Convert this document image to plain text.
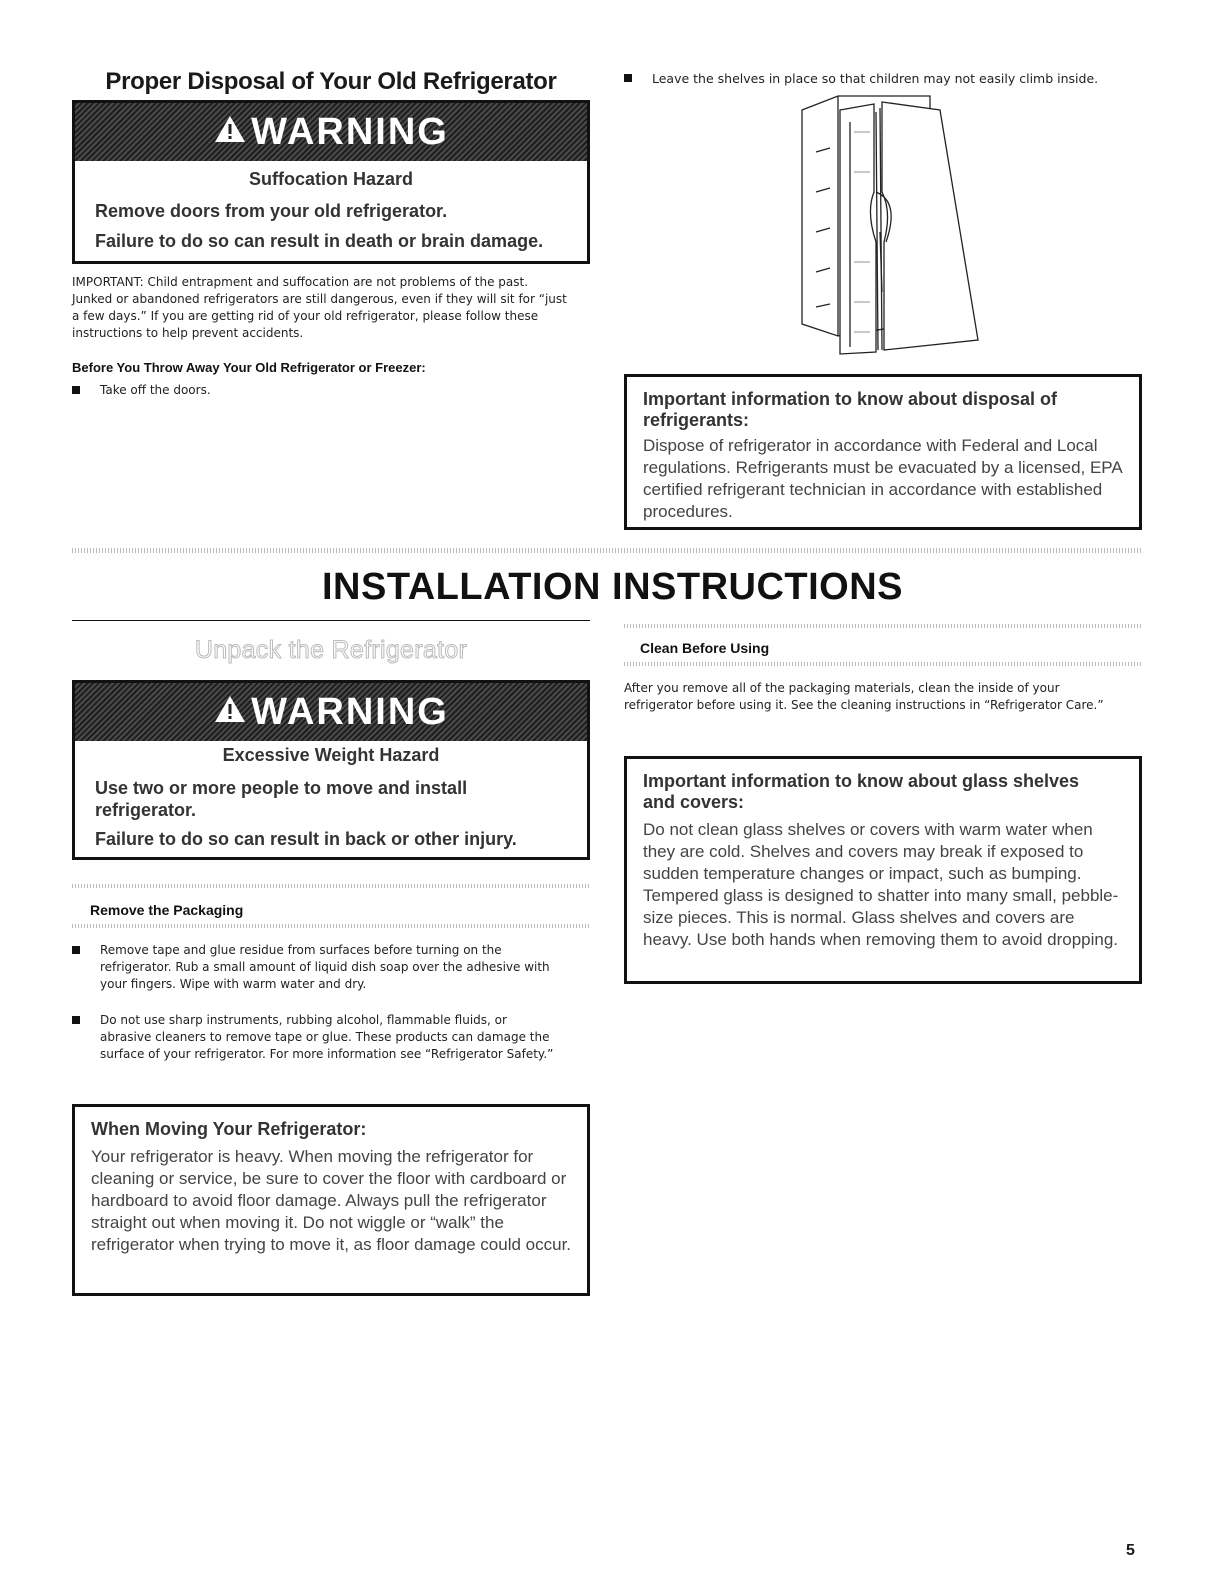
Proper Disposal of Your Old Refrigerator
WARNING
Suffocation Hazard
Remove doors from your old refrigerator.
Failure to do so can result in death or brain damage.
IMPORTANT: Child entrapment and suffocation are not problems of the past. Junked or abandoned refrigerators are still dangerous, even if they will sit for “just a few days.” If you are getting rid of your old refrigerator, please follow these instructions to help prevent accidents.
Before You Throw Away Your Old Refrigerator or Freezer:
Take off the doors.
Leave the shelves in place so that children may not easily climb inside.
Important information to know about disposal of refrigerants:
Dispose of refrigerator in accordance with Federal and Local regulations. Refrigerants must be evacuated by a licensed, EPA certified refrigerant technician in accordance with established procedures.
INSTALLATION INSTRUCTIONS
Unpack the Refrigerator
WARNING
Excessive Weight Hazard
Use two or more people to move and install refrigerator.
Failure to do so can result in back or other injury.
Remove the Packaging
Remove tape and glue residue from surfaces before turning on the refrigerator. Rub a small amount of liquid dish soap over the adhesive with your fingers. Wipe with warm water and dry.
Do not use sharp instruments, rubbing alcohol, flammable fluids, or abrasive cleaners to remove tape or glue. These products can damage the surface of your refrigerator. For more information see “Refrigerator Safety.”
When Moving Your Refrigerator:
Your refrigerator is heavy. When moving the refrigerator for cleaning or service, be sure to cover the floor with cardboard or hardboard to avoid floor damage. Always pull the refrigerator straight out when moving it. Do not wiggle or “walk” the refrigerator when trying to move it, as floor damage could occur.
Clean Before Using
After you remove all of the packaging materials, clean the inside of your refrigerator before using it. See the cleaning instructions in “Refrigerator Care.”
Important information to know about glass shelves and covers:
Do not clean glass shelves or covers with warm water when they are cold. Shelves and covers may break if exposed to sudden temperature changes or impact, such as bumping. Tempered glass is designed to shatter into many small, pebble-size pieces. This is normal. Glass shelves and covers are heavy. Use both hands when removing them to avoid dropping.
5
